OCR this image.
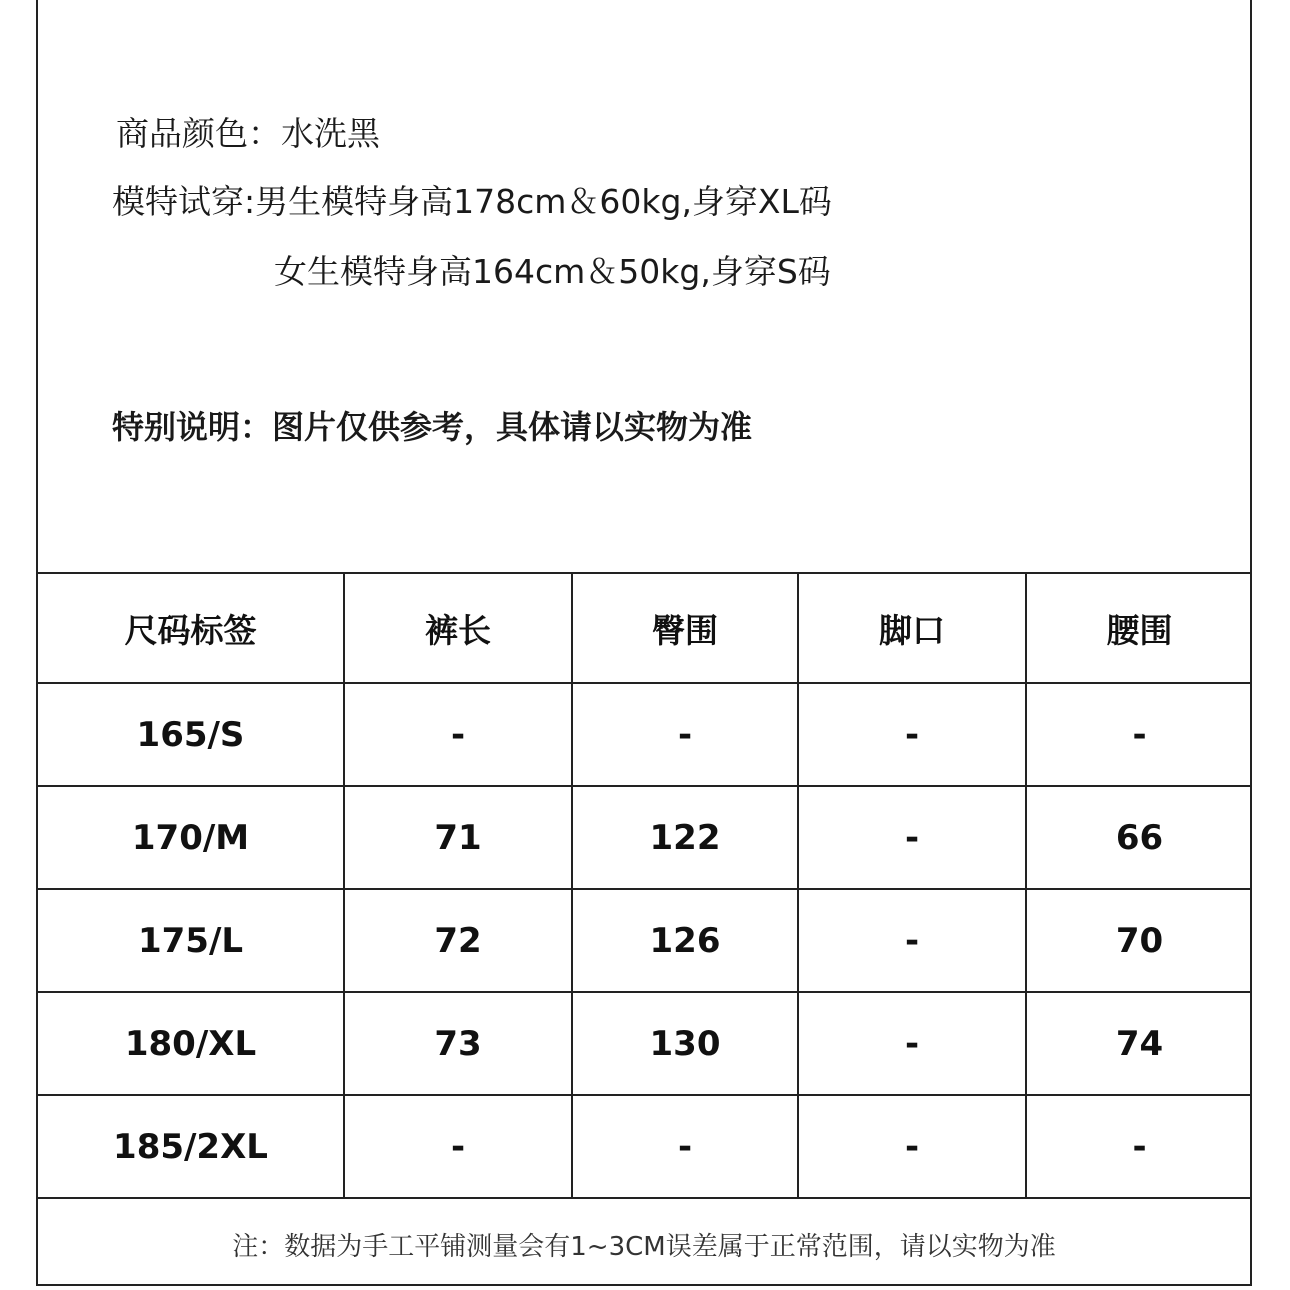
商品颜色：水洗黑
模特试穿:男生模特身高178cm＆60kg,身穿XL码
女生模特身高164cm＆50kg,身穿S码
特别说明：图片仅供参考，具体请以实物为准
尺码标签	裤长	臀围	脚口	腰围
165/S	-	-	-	-
170/M	71	122	-	66
175/L	72	126	-	70
180/XL	73	130	-	74
185/2XL	-	-	-	-
注：数据为手工平铺测量会有1~3CM误差属于正常范围，请以实物为准
